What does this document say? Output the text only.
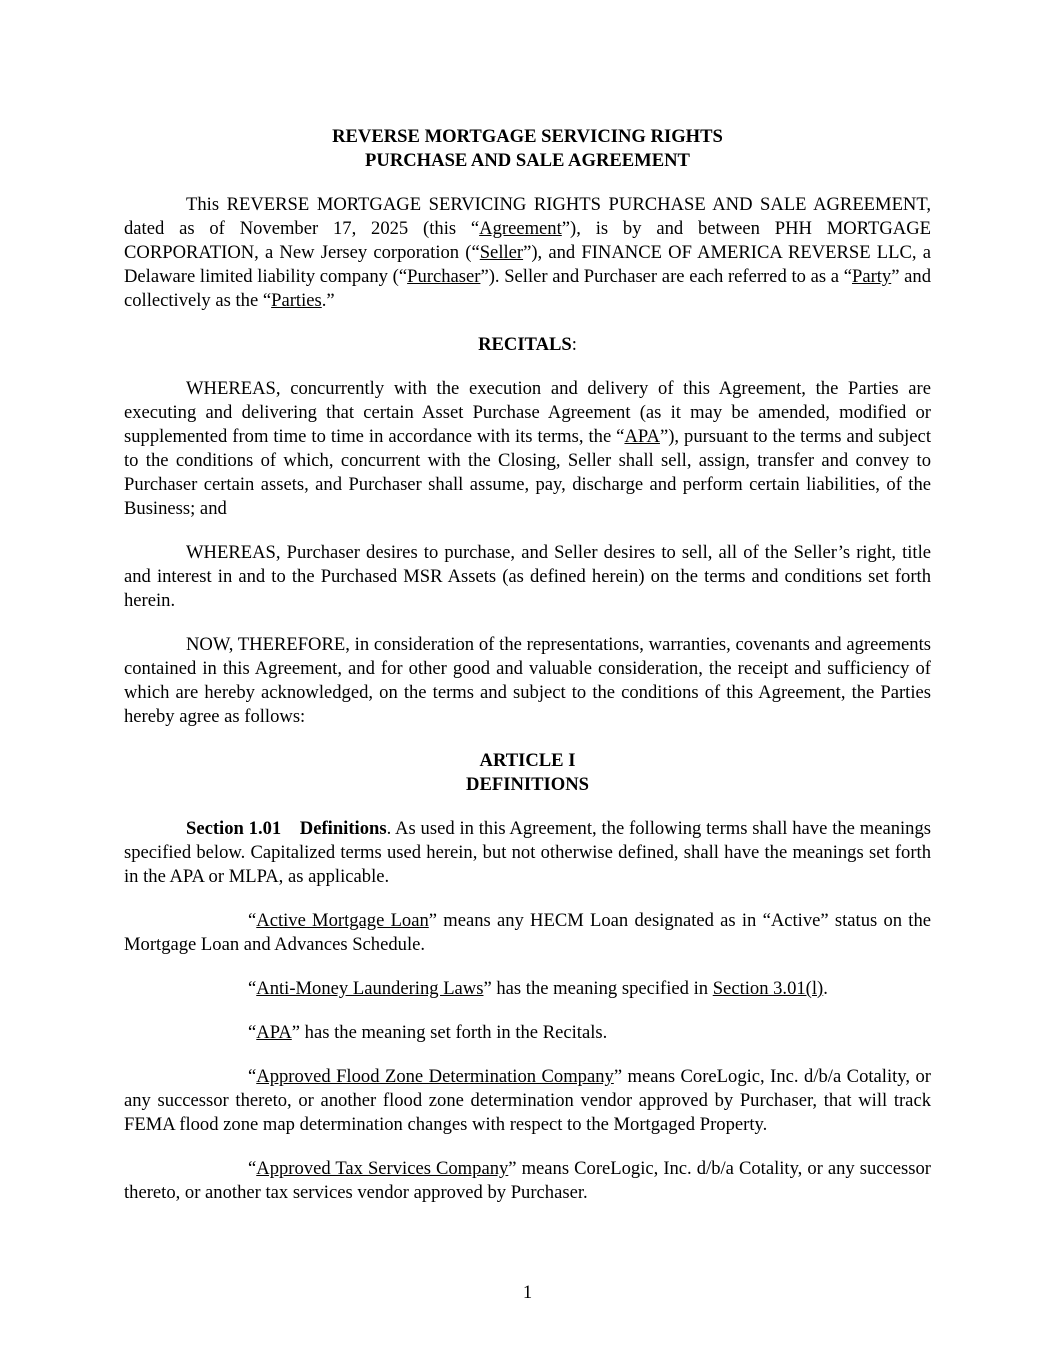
REVERSE MORTGAGE SERVICING RIGHTS
PURCHASE AND SALE AGREEMENT

This REVERSE MORTGAGE SERVICING RIGHTS PURCHASE AND SALE AGREEMENT, dated as of November 17, 2025 (this “Agreement”), is by and between PHH MORTGAGE CORPORATION, a New Jersey corporation (“Seller”), and FINANCE OF AMERICA REVERSE LLC, a Delaware limited liability company (“Purchaser”). Seller and Purchaser are each referred to as a “Party” and collectively as the “Parties.”

RECITALS:

WHEREAS, concurrently with the execution and delivery of this Agreement, the Parties are executing and delivering that certain Asset Purchase Agreement (as it may be amended, modified or supplemented from time to time in accordance with its terms, the “APA”), pursuant to the terms and subject to the conditions of which, concurrent with the Closing, Seller shall sell, assign, transfer and convey to Purchaser certain assets, and Purchaser shall assume, pay, discharge and perform certain liabilities, of the Business; and

WHEREAS, Purchaser desires to purchase, and Seller desires to sell, all of the Seller’s right, title and interest in and to the Purchased MSR Assets (as defined herein) on the terms and conditions set forth herein.

NOW, THEREFORE, in consideration of the representations, warranties, covenants and agreements contained in this Agreement, and for other good and valuable consideration, the receipt and sufficiency of which are hereby acknowledged, on the terms and subject to the conditions of this Agreement, the Parties hereby agree as follows:

ARTICLE I
DEFINITIONS

Section 1.01 Definitions. As used in this Agreement, the following terms shall have the meanings specified below. Capitalized terms used herein, but not otherwise defined, shall have the meanings set forth in the APA or MLPA, as applicable.

“Active Mortgage Loan” means any HECM Loan designated as in “Active” status on the Mortgage Loan and Advances Schedule.

“Anti-Money Laundering Laws” has the meaning specified in Section 3.01(l).

“APA” has the meaning set forth in the Recitals.

“Approved Flood Zone Determination Company” means CoreLogic, Inc. d/b/a Cotality, or any successor thereto, or another flood zone determination vendor approved by Purchaser, that will track FEMA flood zone map determination changes with respect to the Mortgaged Property.

“Approved Tax Services Company” means CoreLogic, Inc. d/b/a Cotality, or any successor thereto, or another tax services vendor approved by Purchaser.

1
